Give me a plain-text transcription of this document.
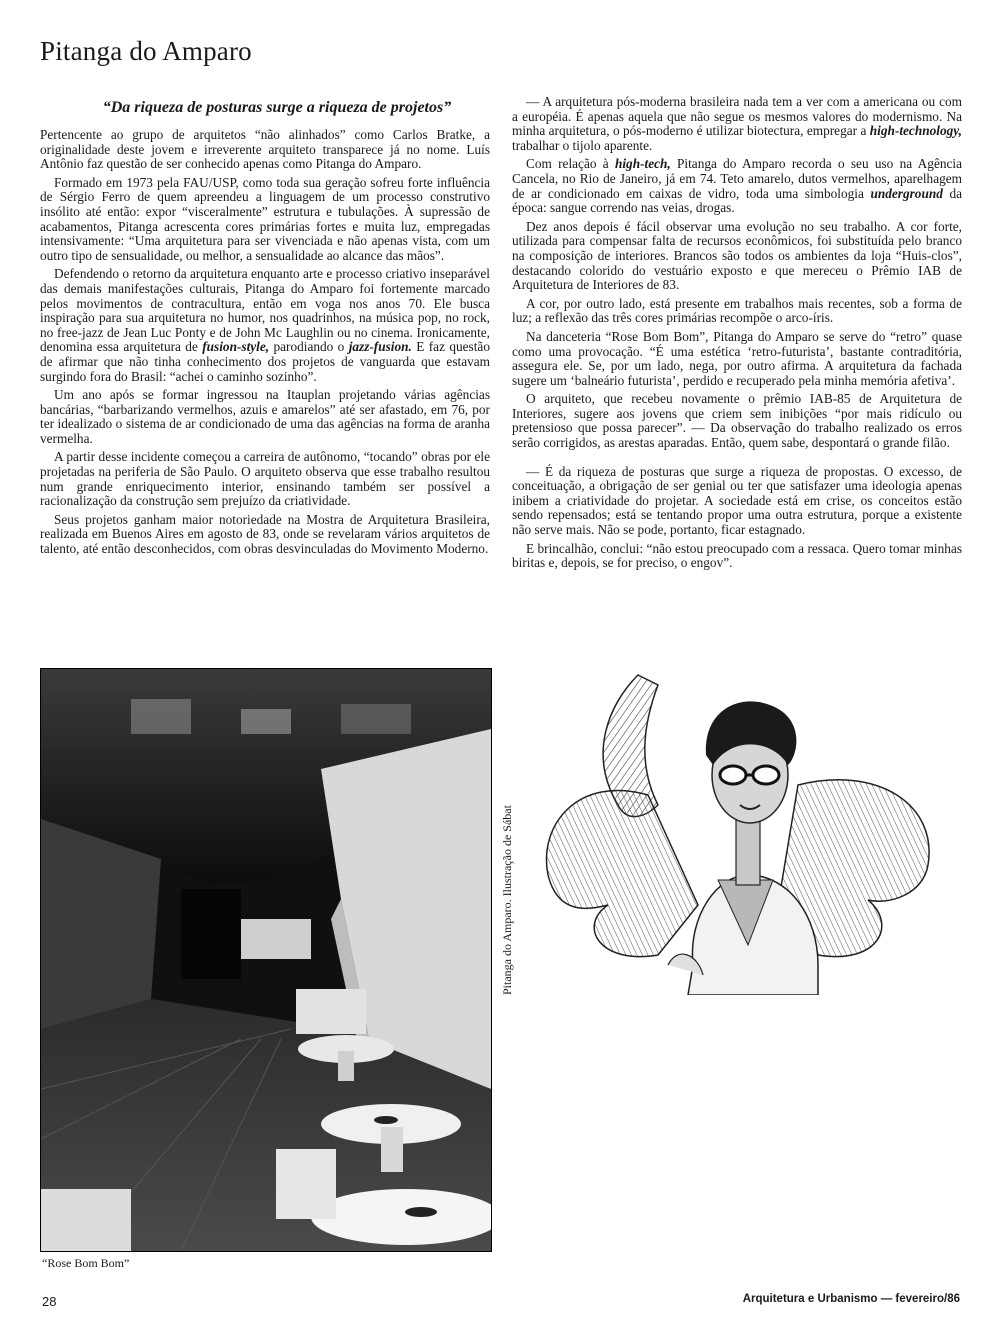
Pitanga do Amparo
“Da riqueza de posturas surge a riqueza de projetos”

Pertencente ao grupo de arquitetos “não alinhados” como Carlos Bratke, a originalidade deste jovem e irreverente arquiteto transparece já no nome. Luís Antônio faz questão de ser conhecido apenas como Pitanga do Amparo.

Formado em 1973 pela FAU/USP, como toda sua geração sofreu forte influência de Sérgio Ferro de quem apreendeu a linguagem de um processo construtivo insólito até então: expor “visceralmente” estrutura e tubulações. À supressão de acabamentos, Pitanga acrescenta cores primárias fortes e muita luz, empregadas intensivamente: “Uma arquitetura para ser vivenciada e não apenas vista, com um outro tipo de sensualidade, ou melhor, a sensualidade ao alcance das mãos”.

Defendendo o retorno da arquitetura enquanto arte e processo criativo inseparável das demais manifestações culturais, Pitanga do Amparo foi fortemente marcado pelos movimentos de contracultura, então em voga nos anos 70. Ele busca inspiração para sua arquitetura no humor, nos quadrinhos, na música pop, no rock, no free-jazz de Jean Luc Ponty e de John Mc Laughlin ou no cinema. Ironicamente, denomina essa arquitetura de fusion-style, parodiando o jazz-fusion. E faz questão de afirmar que não tinha conhecimento dos projetos de vanguarda que estavam surgindo fora do Brasil: “achei o caminho sozinho”.

Um ano após se formar ingressou na Itauplan projetando várias agências bancárias, “barbarizando vermelhos, azuis e amarelos” até ser afastado, em 76, por ter idealizado o sistema de ar condicionado de uma das agências na forma de aranha vermelha.

A partir desse incidente começou a carreira de autônomo, “tocando” obras por ele projetadas na periferia de São Paulo. O arquiteto observa que esse trabalho resultou num grande enriquecimento interior, ensinando também ser possível a racionalização da construção sem prejuízo da criatividade.

Seus projetos ganham maior notoriedade na Mostra de Arquitetura Brasileira, realizada em Buenos Aires em agosto de 83, onde se revelaram vários arquitetos de talento, até então desconhecidos, com obras desvinculadas do Movimento Moderno.

— A arquitetura pós-moderna brasileira nada tem a ver com a americana ou com a européia. É apenas aquela que não segue os mesmos valores do modernismo. Na minha arquitetura, o pós-moderno é utilizar biotectura, empregar a high-technology, trabalhar o tijolo aparente.

Com relação à high-tech, Pitanga do Amparo recorda o seu uso na Agência Cancela, no Rio de Janeiro, já em 74. Teto amarelo, dutos vermelhos, aparelhagem de ar condicionado em caixas de vidro, toda uma simbologia underground da época: sangue correndo nas veias, drogas.

Dez anos depois é fácil observar uma evolução no seu trabalho. A cor forte, utilizada para compensar falta de recursos econômicos, foi substituída pelo branco na composição de interiores. Brancos são todos os ambientes da loja “Huis-clos”, destacando colorido do vestuário exposto e que mereceu o Prêmio IAB de Arquitetura de Interiores de 83.

A cor, por outro lado, está presente em trabalhos mais recentes, sob a forma de luz; a reflexão das três cores primárias recompõe o arco-íris.

Na danceteria “Rose Bom Bom”, Pitanga do Amparo se serve do “retro” quase como uma provocação. “É uma estética ‘retro-futurista’, bastante contraditória, assegura ele. Se, por um lado, nega, por outro afirma. A arquitetura da fachada sugere um ‘balneário futurista’, perdido e recuperado pela minha memória afetiva’.

O arquiteto, que recebeu novamente o prêmio IAB-85 de Arquitetura de Interiores, sugere aos jovens que criem sem inibições “por mais ridículo ou pretensioso que possa parecer”. — Da observação do trabalho realizado os erros serão corrigidos, as arestas aparadas. Então, quem sabe, despontará o grande filão.

— É da riqueza de posturas que surge a riqueza de propostas. O excesso, de conceituação, a obrigação de ser genial ou ter que satisfazer uma ideologia apenas inibem a criatividade do projetar. A sociedade está em crise, os conceitos estão sendo repensados; está se tentando propor uma outra estrutura, porque a existente não serve mais. Não se pode, portanto, ficar estagnado.

E brincalhão, conclui: “não estou preocupado com a ressaca. Quero tomar minhas biritas e, depois, se for preciso, o engov”.

“Rose Bom Bom”
Pitanga do Amparo. Ilustração de Sábat
28	Arquitetura e Urbanismo — fevereiro/86
